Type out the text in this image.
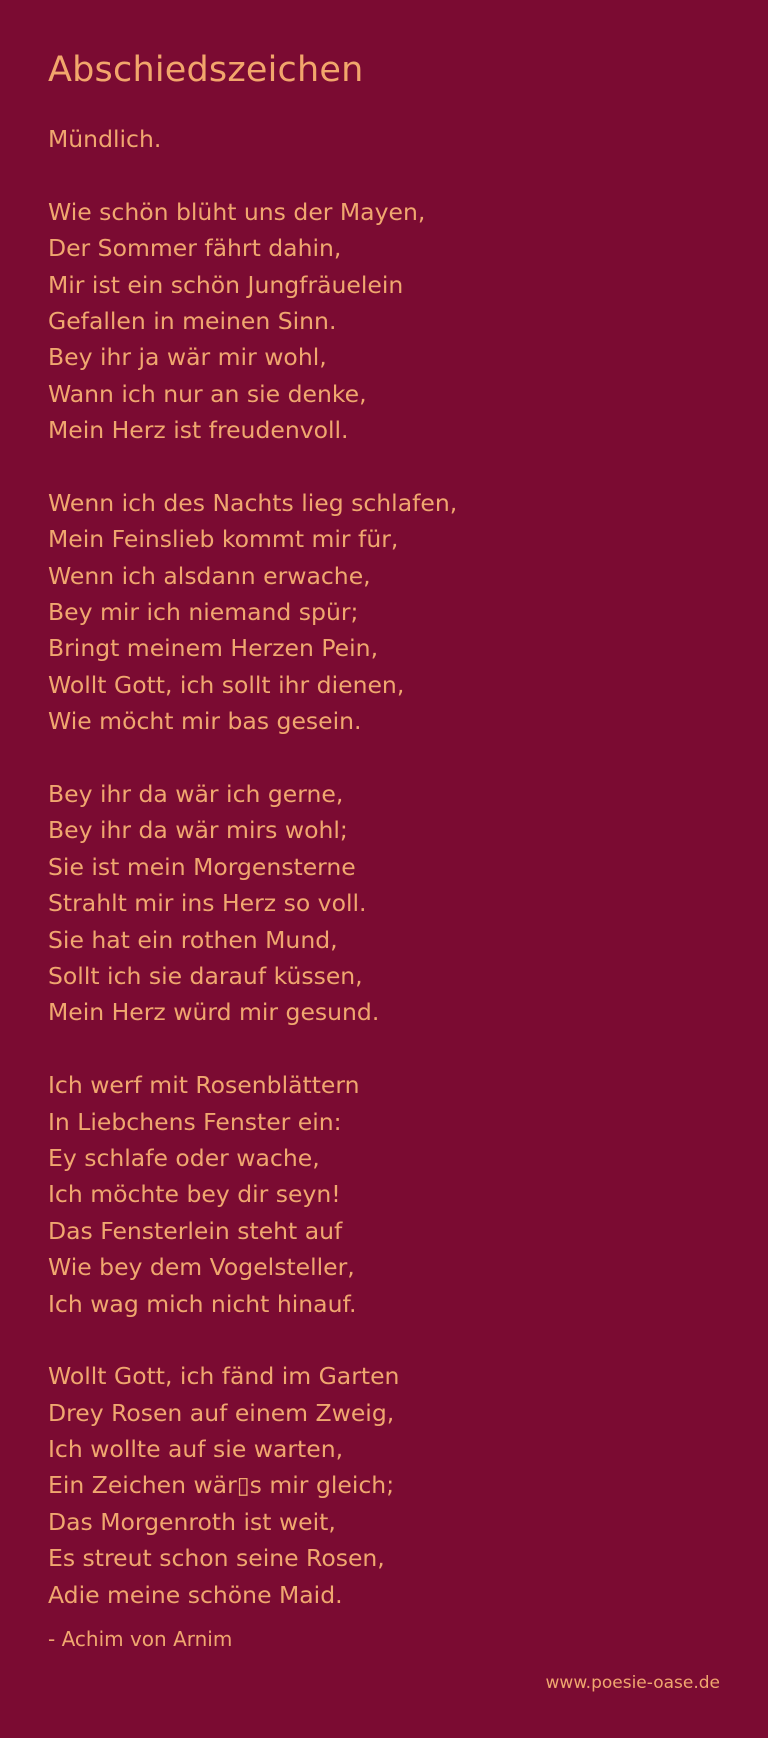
Abschiedszeichen
Mündlich.
Wie schön blüht uns der Mayen,
Der Sommer fährt dahin,
Mir ist ein schön Jungfräuelein
Gefallen in meinen Sinn.
Bey ihr ja wär mir wohl,
Wann ich nur an sie denke,
Mein Herz ist freudenvoll.
Wenn ich des Nachts lieg schlafen,
Mein Feinslieb kommt mir für,
Wenn ich alsdann erwache,
Bey mir ich niemand spür;
Bringt meinem Herzen Pein,
Wollt Gott, ich sollt ihr dienen,
Wie möcht mir bas gesein.
Bey ihr da wär ich gerne,
Bey ihr da wär mirs wohl;
Sie ist mein Morgensterne
Strahlt mir ins Herz so voll.
Sie hat ein rothen Mund,
Sollt ich sie darauf küssen,
Mein Herz würd mir gesund.
Ich werf mit Rosenblättern
In Liebchens Fenster ein:
Ey schlafe oder wache,
Ich möchte bey dir seyn!
Das Fensterlein steht auf
Wie bey dem Vogelsteller,
Ich wag mich nicht hinauf.
Wollt Gott, ich fänd im Garten
Drey Rosen auf einem Zweig,
Ich wollte auf sie warten,
Ein Zeichen wär▯s mir gleich;
Das Morgenroth ist weit,
Es streut schon seine Rosen,
Adie meine schöne Maid.
- Achim von Arnim
www.poesie-oase.de
